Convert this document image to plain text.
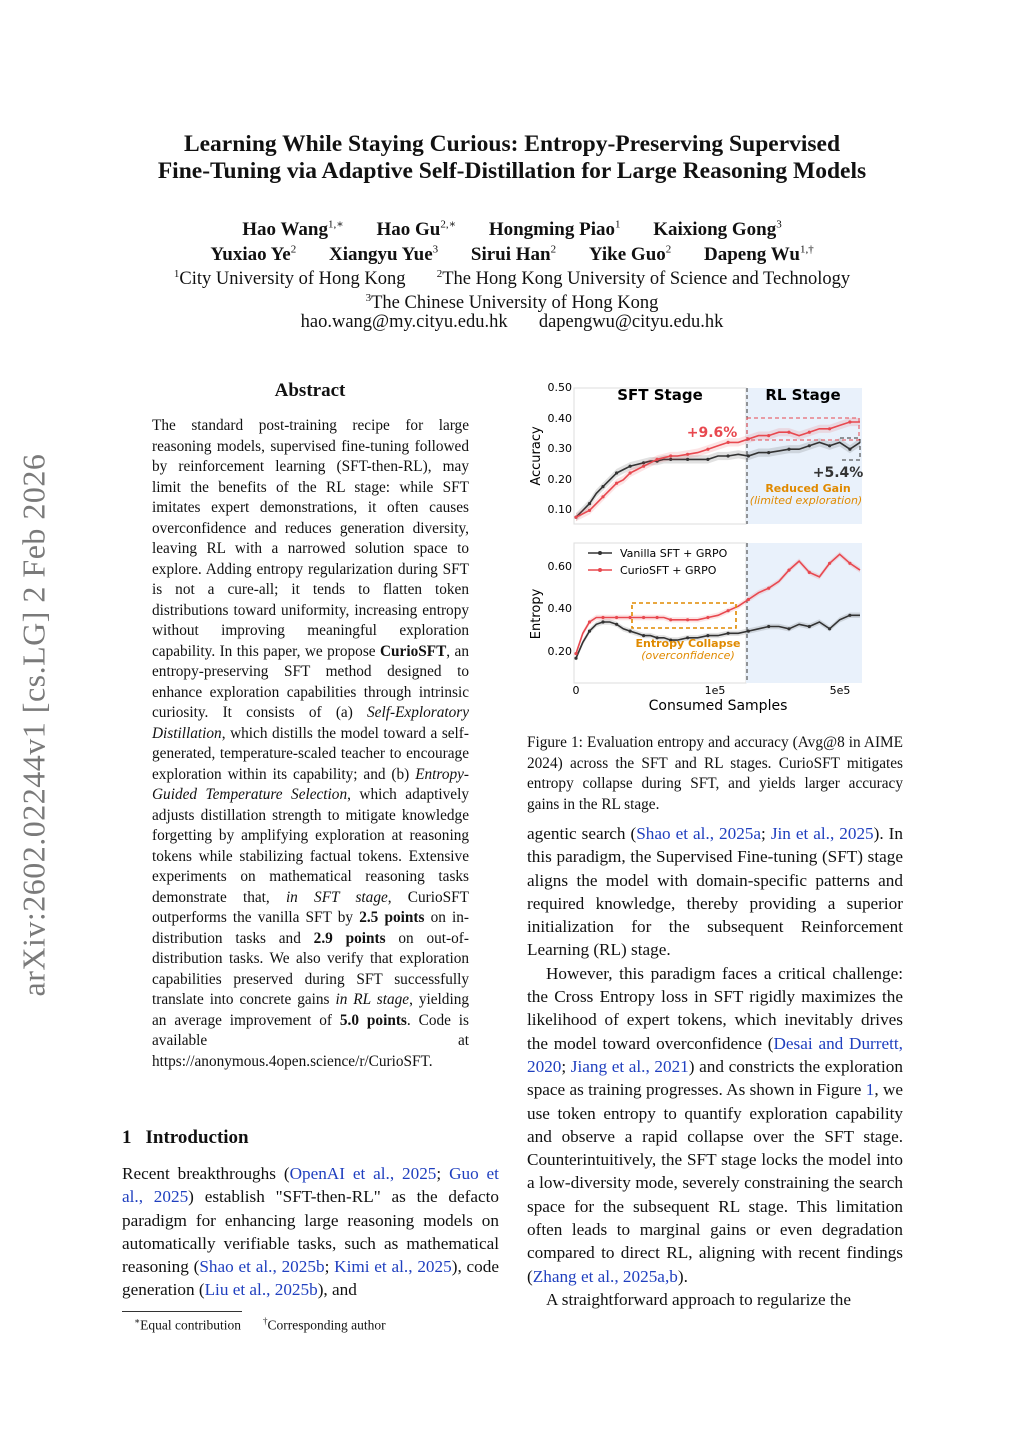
Learning While Staying Curious: Entropy-Preserving Supervised
Fine-Tuning via Adaptive Self-Distillation for Large Reasoning Models
Hao Wang$^{1,∗}$ Hao $Gu^{2,∗}$ Hongming Piao$^1$ Kaixiong Gong$^3$
Yuxiao Ye$^2$ Xiangyu Yue$^3$ Sirui Han$^2$ Yike Guo$^2$ Dapeng $Wu^{1,\dagger}$
$^1$City University of Hong Kong	$^2$The Hong Kong University of Science and Technology
$^3$The Chinese University of Hong Kong
hao.wang@my.cityu.edu.hk dapengwu@cityu.edu.hk
arXiv:2602.02244v1 [cs.LG] 2 Feb 2026
Abstract
The standard post-training recipe for large reasoning models, supervised fine-tuning followed by reinforcement learning (SFT-then-RL), may limit the benefits of the RL stage: while SFT imitates expert demonstrations, it often causes overconfidence and reduces generation diversity, leaving RL with a narrowed solution space to explore. Adding entropy regularization during SFT is not a cure-all; it tends to flatten token distributions toward uniformity, increasing entropy without improving meaningful exploration capability. In this paper, we propose CurioSFT, an entropy-preserving SFT method designed to enhance exploration capabilities through intrinsic curiosity. It consists of (a) Self-Exploratory Distillation, which distills the model toward a self-generated, temperature-scaled teacher to encourage exploration within its capability; and (b) Entropy-Guided Temperature Selection, which adaptively adjusts distillation strength to mitigate knowledge forgetting by amplifying exploration at reasoning tokens while stabilizing factual tokens. Extensive experiments on mathematical reasoning tasks demonstrate that, in SFT stage, CurioSFT outperforms the vanilla SFT by 2.5 points on in-distribution tasks and 2.9 points on out-of-distribution tasks. We also verify that exploration capabilities preserved during SFT successfully translate into concrete gains in RL stage, yielding an average improvement of 5.0 points. Code is available at https://anonymous.4open.science/r/CurioSFT.
1 Introduction

Recent breakthroughs (OpenAI et al., 2025; Guo et al., 2025) establish "SFT-then-RL" as the defacto paradigm for enhancing large reasoning models on automatically verifiable tasks, such as mathematical reasoning (Shao et al., 2025b; Kimi et al., 2025), code generation (Liu et al., 2025b), and

∗Equal contribution †Corresponding author
SFT Stage	RL Stage
0.50
0.40
0.30
0.20
0.10
Accuracy	+9.6%
+5.4%
Reduced Gain
(limited exploration)
0.60
0.40
0.20
Entropy
0	1e5	5e5
Consumed Samples
Entropy Collapse
(overconfidence)
Vanilla SFT + GRPO
CurioSFT + GRPO
Figure 1: Evaluation entropy and accuracy (Avg@8 in AIME 2024) across the SFT and RL stages. CurioSFT mitigates entropy collapse during SFT, and yields larger accuracy gains in the RL stage.

agentic search (Shao et al., 2025a; Jin et al., 2025). In this paradigm, the Supervised Fine-tuning (SFT) stage aligns the model with domain-specific patterns and required knowledge, thereby providing a superior initialization for the subsequent Reinforcement Learning (RL) stage.

However, this paradigm faces a critical challenge: the Cross Entropy loss in SFT rigidly maximizes the likelihood of expert tokens, which inevitably drives the model toward overconfidence (Desai and Durrett, 2020; Jiang et al., 2021) and constricts the exploration space as training progresses. As shown in Figure 1, we use token entropy to quantify exploration capability and observe a rapid collapse over the SFT stage. Counterintuitively, the SFT stage locks the model into a low-diversity mode, severely constraining the search space for the subsequent RL stage. This limitation often leads to marginal gains or even degradation compared to direct RL, aligning with recent findings (Zhang et al., 2025a,b).

A straightforward approach to regularize the
